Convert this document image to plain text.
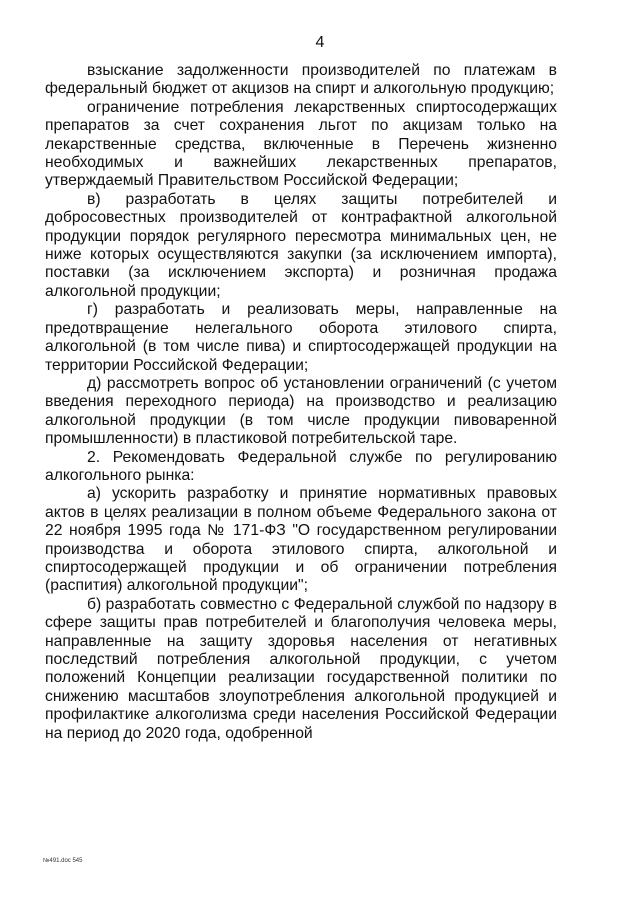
4

взыскание задолженности производителей по платежам в федеральный бюджет от акцизов на спирт и алкогольную продукцию;

ограничение потребления лекарственных спиртосодержащих препаратов за счет сохранения льгот по акцизам только на лекарственные средства, включенные в Перечень жизненно необходимых и важнейших лекарственных препаратов, утверждаемый Правительством Российской Федерации;

в) разработать в целях защиты потребителей и добросовестных производителей от контрафактной алкогольной продукции порядок регулярного пересмотра минимальных цен, не ниже которых осуществляются закупки (за исключением импорта), поставки (за исключением экспорта) и розничная продажа алкогольной продукции;

г) разработать и реализовать меры, направленные на предотвращение нелегального оборота этилового спирта, алкогольной (в том числе пива) и спиртосодержащей продукции на территории Российской Федерации;

д) рассмотреть вопрос об установлении ограничений (с учетом введения переходного периода) на производство и реализацию алкогольной продукции (в том числе продукции пивоваренной промышленности) в пластиковой потребительской таре.

2. Рекомендовать Федеральной службе по регулированию алкогольного рынка:

а) ускорить разработку и принятие нормативных правовых актов в целях реализации в полном объеме Федерального закона от 22 ноября 1995 года № 171-ФЗ "О государственном регулировании производства и оборота этилового спирта, алкогольной и спиртосодержащей продукции и об ограничении потребления (распития) алкогольной продукции";

б) разработать совместно с Федеральной службой по надзору в сфере защиты прав потребителей и благополучия человека меры, направленные на защиту здоровья населения от негативных последствий потребления алкогольной продукции, с учетом положений Концепции реализации государственной политики по снижению масштабов злоупотребления алкогольной продукцией и профилактике алкоголизма среди населения Российской Федерации на период до 2020 года, одобренной

№491.doc 545
